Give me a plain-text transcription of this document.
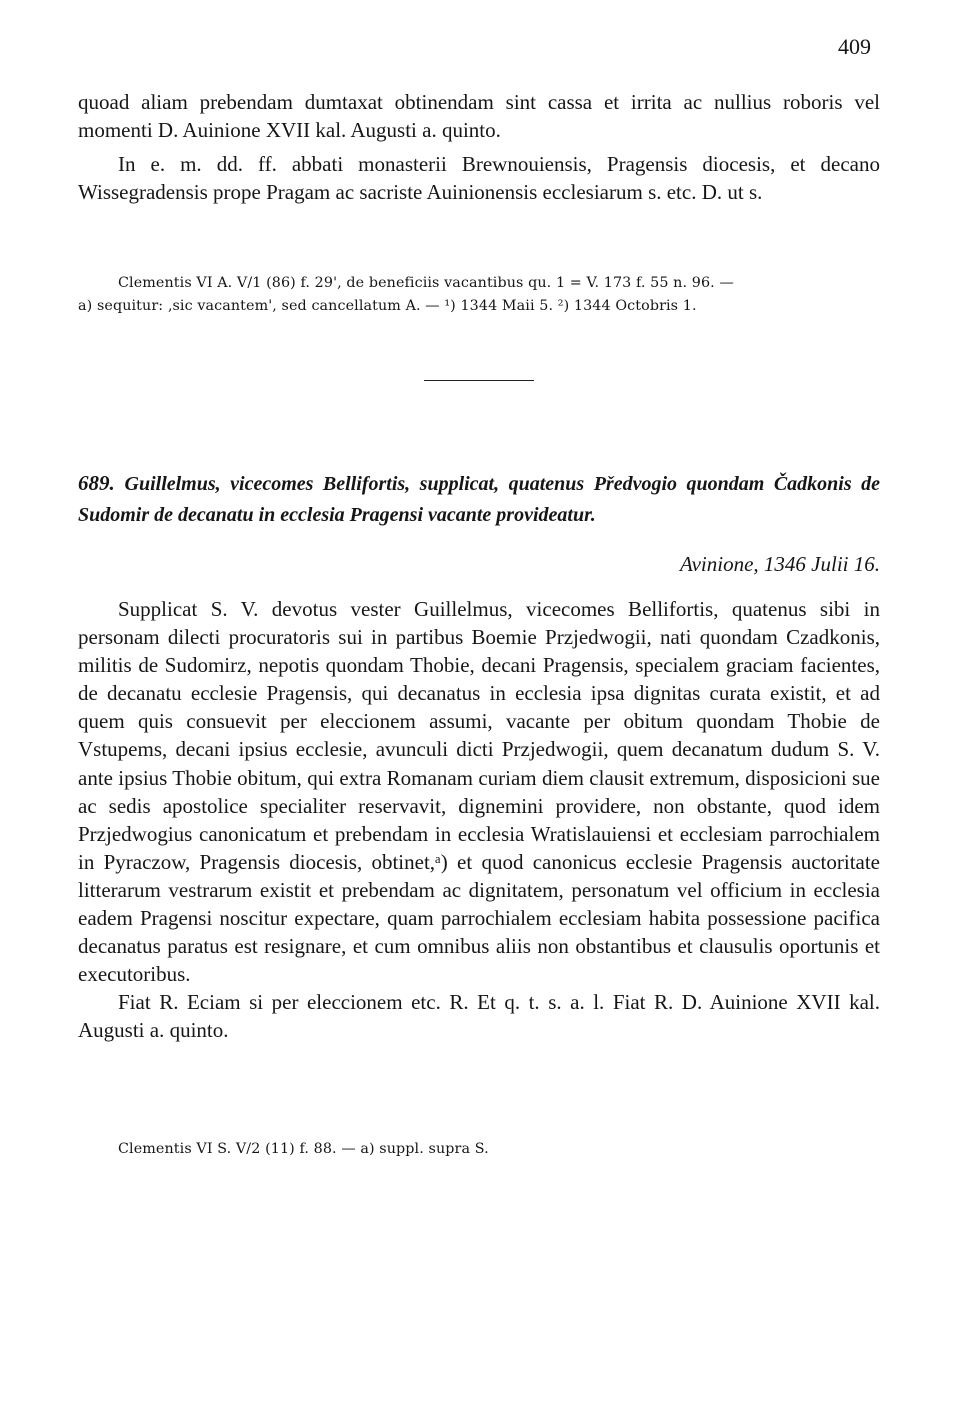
409

quoad aliam prebendam dumtaxat obtinendam sint cassa et irrita ac nullius roboris vel momenti D. Auinione XVII kal. Augusti a. quinto.

In e. m. dd. ff. abbati monasterii Brewnouiensis, Pragensis diocesis, et decano Wissegradensis prope Pragam ac sacriste Auinionensis ecclesiarum s. etc. D. ut s.

Clementis VI A. V/1 (86) f. 29', de beneficiis vacantibus qu. 1 = V. 173 f. 55 n. 96. —

a) sequitur: ‚sic vacantem', sed cancellatum A. — ¹) 1344 Maii 5. ²) 1344 Octobris 1.

689. Guillelmus, vicecomes Bellifortis, supplicat, quatenus Předvogio quondam Čadkonis de Sudomir de decanatu in ecclesia Pragensi vacante provideatur.
Avinione, 1346 Julii 16.

Supplicat S. V. devotus vester Guillelmus, vicecomes Bellifortis, quatenus sibi in personam dilecti procuratoris sui in partibus Boemie Przjedwogii, nati quondam Czadkonis, militis de Sudomirz, nepotis quondam Thobie, decani Pragensis, specialem graciam facientes, de decanatu ecclesie Pragensis, qui decanatus in ecclesia ipsa dignitas curata existit, et ad quem quis consuevit per eleccionem assumi, vacante per obitum quondam Thobie de Vstupems, decani ipsius ecclesie, avunculi dicti Przjedwogii, quem decanatum dudum S. V. ante ipsius Thobie obitum, qui extra Romanam curiam diem clausit extremum, disposicioni sue ac sedis apostolice specialiter reservavit, dignemini providere, non obstante, quod idem Przjedwogius canonicatum et prebendam in ecclesia Wratislauiensi et ecclesiam parrochialem in Pyraczow, Pragensis diocesis, obtinet,ᵃ) et quod canonicus ecclesie Pragensis auctoritate litterarum vestrarum existit et prebendam ac dignitatem, personatum vel officium in ecclesia eadem Pragensi noscitur expectare, quam parrochialem ecclesiam habita possessione pacifica decanatus paratus est resignare, et cum omnibus aliis non obstantibus et clausulis oportunis et executoribus.

Fiat R. Eciam si per eleccionem etc. R. Et q. t. s. a. l. Fiat R. D. Auinione XVII kal. Augusti a. quinto.

Clementis VI S. V/2 (11) f. 88. — a) suppl. supra S.
